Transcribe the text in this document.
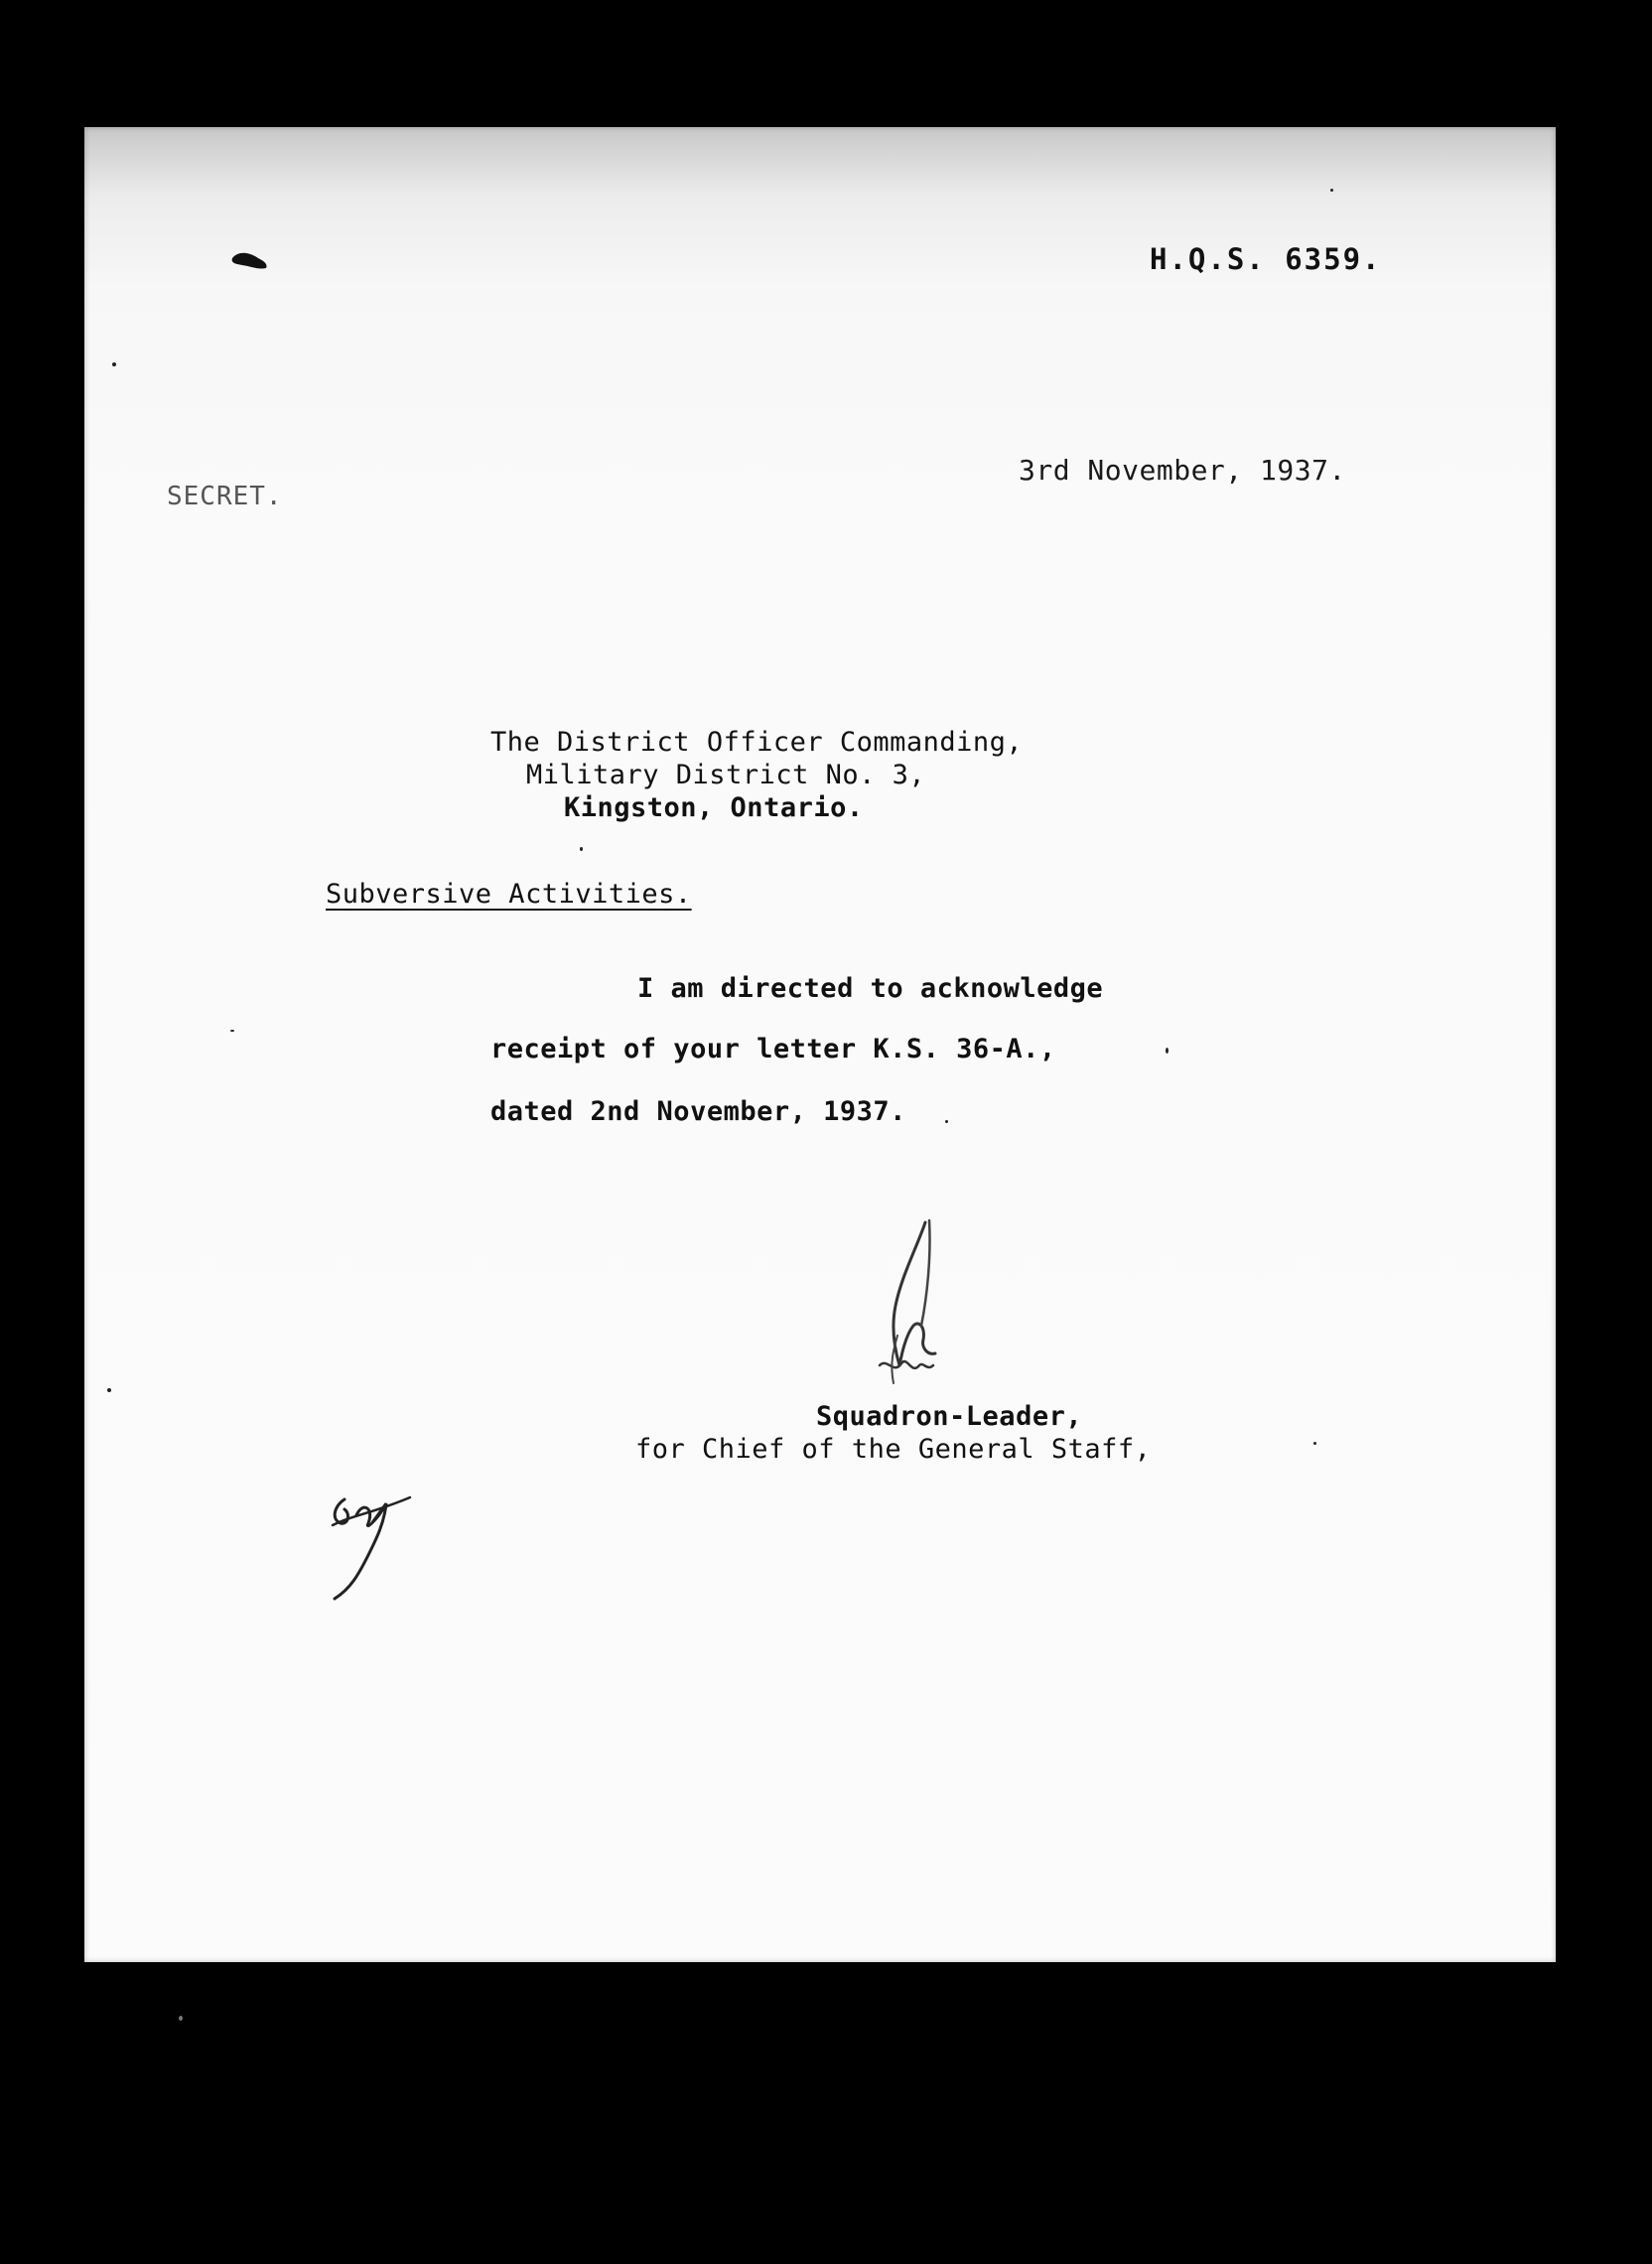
H.Q.S. 6359.
3rd November, 1937.
SECRET.
The District Officer Commanding,
Military District No. 3,
Kingston, Ontario.
Subversive Activities.
I am directed to acknowledge
receipt of your letter K.S. 36-A.,
dated 2nd November, 1937.
Squadron-Leader,
for Chief of the General Staff,
